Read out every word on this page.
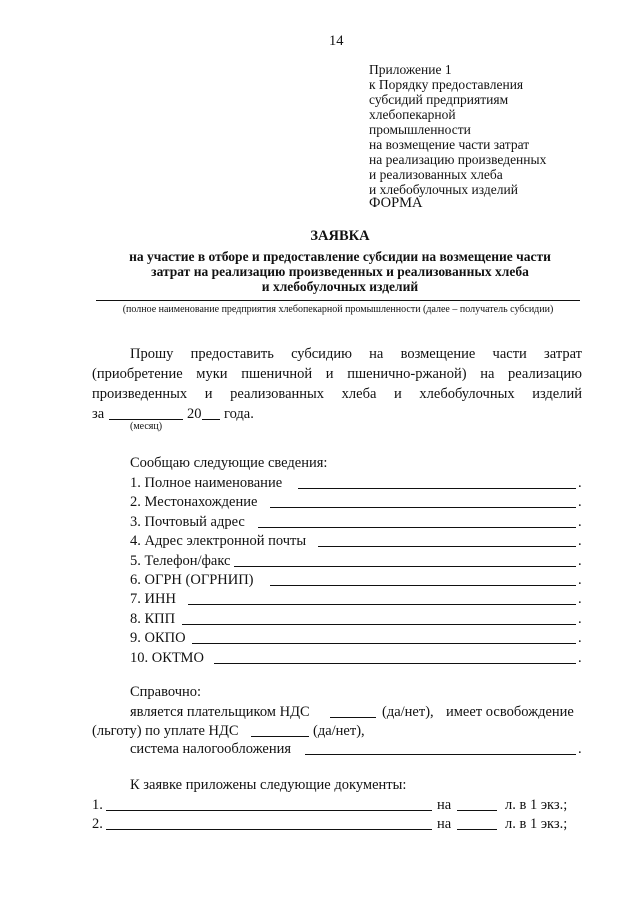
14
Приложение 1
к Порядку предоставления
субсидий предприятиям
хлебопекарной
промышленности
на возмещение части затрат
на реализацию произведенных
и реализованных хлеба
и хлебобулочных изделий
ФОРМА
ЗАЯВКА
на участие в отборе и предоставление субсидии на возмещение части
затрат на реализацию произведенных и реализованных хлеба
и хлебобулочных изделий
(полное наименование предприятия хлебопекарной промышленности (далее – получатель субсидии)
Прошу предоставить субсидию на возмещение части затрат
(приобретение муки пшеничной и пшенично-ржаной) на реализацию
произведенных и реализованных хлеба и хлебобулочных изделий
за	20 года.
(месяц)
Сообщаю следующие сведения:
1. Полное наименование	.
2. Местонахождение	.
3. Почтовый адрес	.
4. Адрес электронной почты	.
5. Телефон/факс	.
6. ОГРН (ОГРНИП)	.
7. ИНН	.
8. КПП	.
9. ОКПО	.
10. ОКТМО	.
Справочно:
является плательщиком НДС	(да/нет), имеет освобождение
(льготу) по уплате НДС	(да/нет),
система налогообложения	.
К заявке приложены следующие документы:
1.	на	л. в 1 экз.;
2.	на	л. в 1 экз.;
